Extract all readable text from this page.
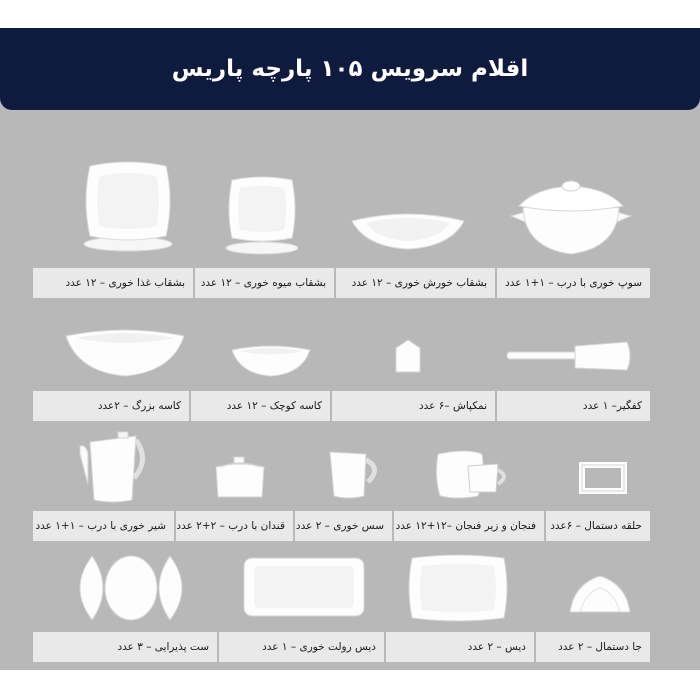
اقلام سرویس ۱۰۵ پارچه پاریس
سوپ خوری با درب – ۱+۱ عدد
بشقاب خورش خوری – ۱۲ عدد
بشقاب میوه خوری – ۱۲ عدد
بشقاب غذا خوری – ۱۲ عدد
کفگیر– ۱ عدد
نمکپاش –۶ عدد
کاسه کوچک – ۱۲ عدد
کاسه بزرگ – ۲عدد
حلقه دستمال – ۶عدد
فنجان و زیر فنجان –۱۲+۱۲ عدد
سس خوری – ۲ عدد
قندان با درب – ۲+۲ عدد
شیر خوری با درب – ۱+۱ عدد
جا دستمال – ۲ عدد
دیس – ۲ عدد
دیس رولت خوری – ۱ عدد
ست پذیرایی – ۳ عدد
